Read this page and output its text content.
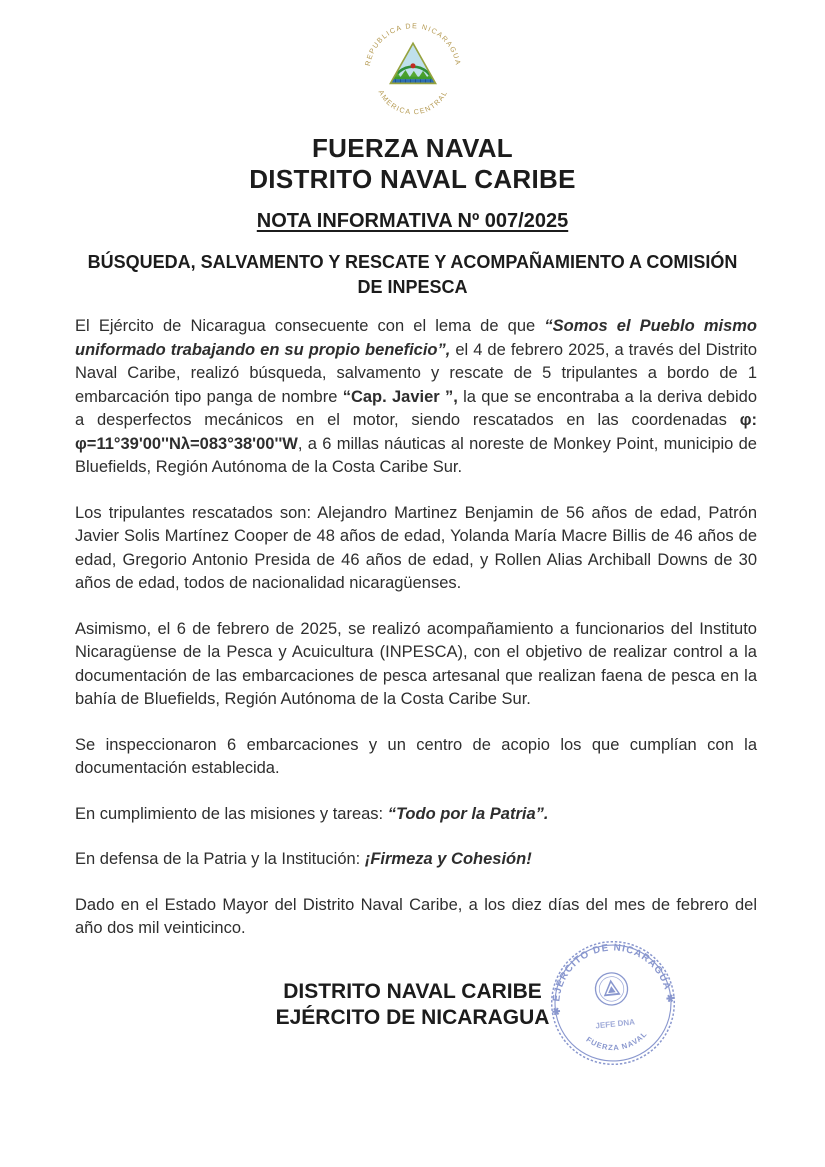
REPUBLICA DE NICARAGUA
AMERICA CENTRAL
FUERZA NAVAL
DISTRITO NAVAL CARIBE
NOTA INFORMATIVA Nº 007/2025
BÚSQUEDA, SALVAMENTO Y RESCATE Y ACOMPAÑAMIENTO A COMISIÓN DE INPESCA

El Ejército de Nicaragua consecuente con el lema de que “Somos el Pueblo mismo uniformado trabajando en su propio beneficio”, el 4 de febrero 2025, a través del Distrito Naval Caribe, realizó búsqueda, salvamento y rescate de 5 tripulantes a bordo de 1 embarcación tipo panga de nombre “Cap. Javier ”, la que se encontraba a la deriva debido a desperfectos mecánicos en el motor, siendo rescatados en las coordenadas φ: φ=11°39'00''Nλ=083°38'00''W, a 6 millas náuticas al noreste de Monkey Point, municipio de Bluefields, Región Autónoma de la Costa Caribe Sur.

Los tripulantes rescatados son: Alejandro Martinez Benjamin de 56 años de edad, Patrón Javier Solis Martínez Cooper de 48 años de edad, Yolanda María Macre Billis de 46 años de edad, Gregorio Antonio Presida de 46 años de edad, y Rollen Alias Archiball Downs de 30 años de edad, todos de nacionalidad nicaragüenses.

Asimismo, el 6 de febrero de 2025, se realizó acompañamiento a funcionarios del Instituto Nicaragüense de la Pesca y Acuicultura (INPESCA), con el objetivo de realizar control a la documentación de las embarcaciones de pesca artesanal que realizan faena de pesca en la bahía de Bluefields, Región Autónoma de la Costa Caribe Sur.

Se inspeccionaron 6 embarcaciones y un centro de acopio los que cumplían con la documentación establecida.

En cumplimiento de las misiones y tareas: “Todo por la Patria”.

En defensa de la Patria y la Institución: ¡Firmeza y Cohesión!

Dado en el Estado Mayor del Distrito Naval Caribe, a los diez días del mes de febrero del año dos mil veinticinco.

DISTRITO NAVAL CARIBE
EJÉRCITO DE NICARAGUA ✱ EJÉRCITO DE NICARAGUA ✱
JEFE DNA
FUERZA NAVAL
